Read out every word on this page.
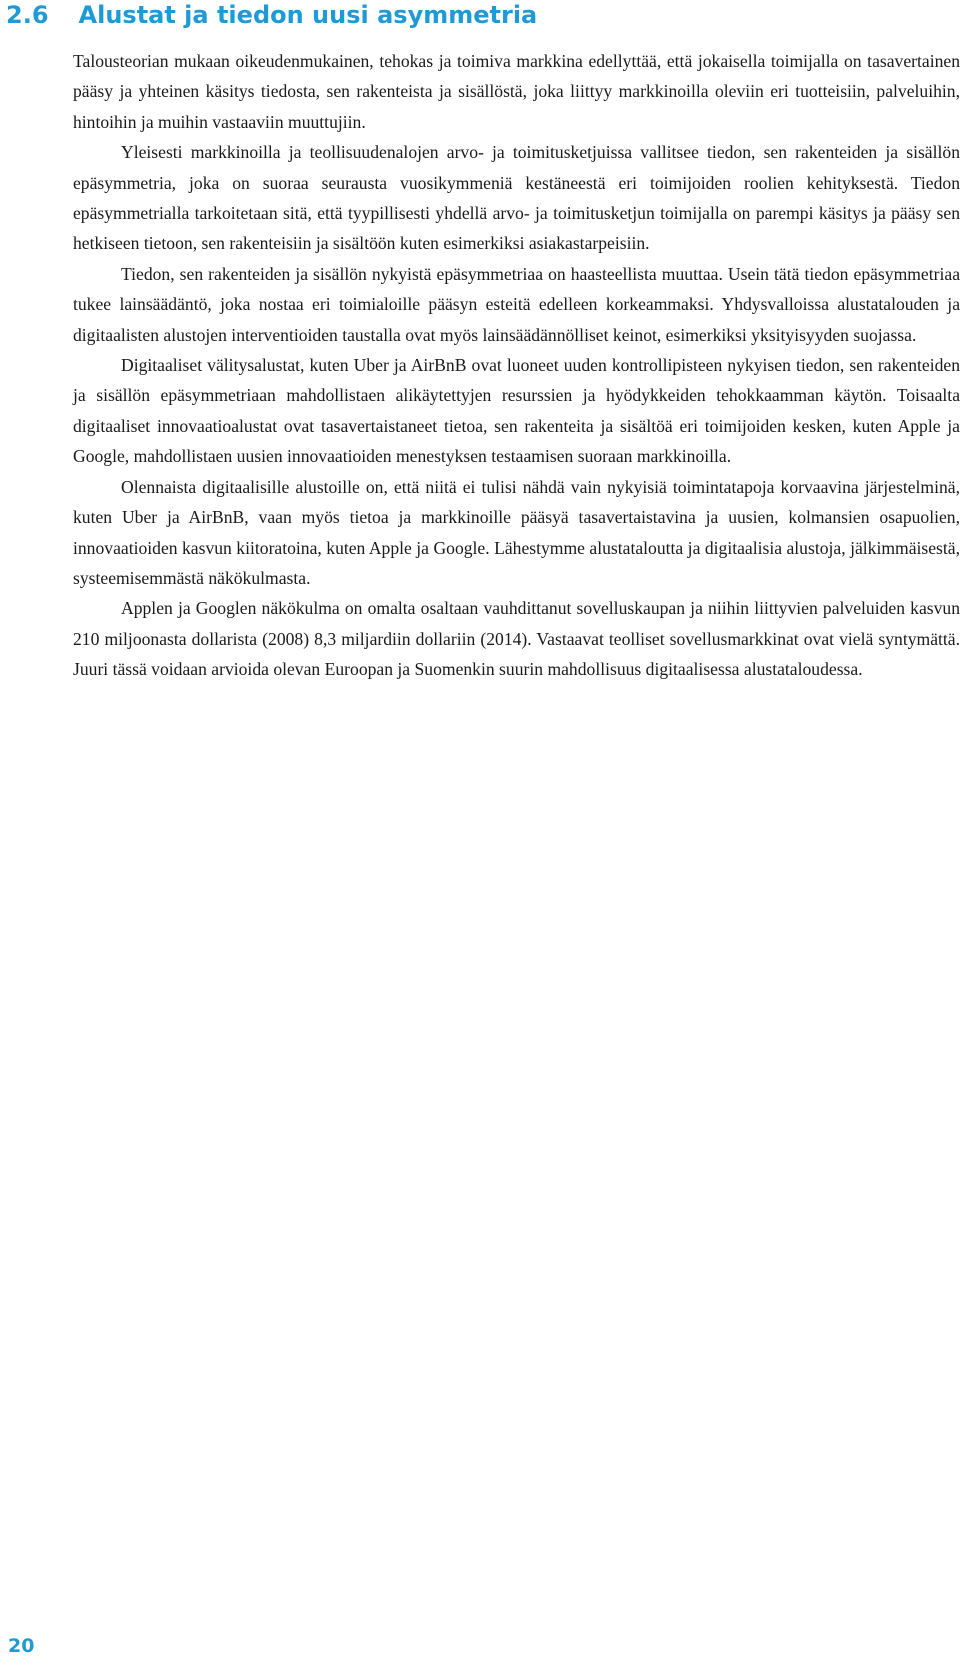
2.6 Alustat ja tiedon uusi asymmetria

Talousteorian mukaan oikeudenmukainen, tehokas ja toimiva markkina edellyttää, että jokaisella toimijalla on tasavertainen pääsy ja yhteinen käsitys tiedosta, sen rakenteista ja sisällöstä, joka liittyy markkinoilla oleviin eri tuotteisiin, palveluihin, hintoihin ja muihin vastaaviin muuttujiin.

Yleisesti markkinoilla ja teollisuudenalojen arvo- ja toimitusketjuissa vallitsee tiedon, sen rakenteiden ja sisällön epäsymmetria, joka on suoraa seurausta vuosikymmeniä kestäneestä eri toimijoiden roolien kehityksestä. Tiedon epäsymmetrialla tarkoitetaan sitä, että tyypillisesti yhdellä arvo- ja toimitusketjun toimijalla on parempi käsitys ja pääsy sen hetkiseen tietoon, sen rakenteisiin ja sisältöön kuten esimerkiksi asiakastarpeisiin.

Tiedon, sen rakenteiden ja sisällön nykyistä epäsymmetriaa on haasteellista muuttaa. Usein tätä tiedon epäsymmetriaa tukee lainsäädäntö, joka nostaa eri toimialoille pääsyn esteitä edelleen korkeammaksi. Yhdysvalloissa alustatalouden ja digitaalisten alustojen interventioiden taustalla ovat myös lainsäädännölliset keinot, esimerkiksi yksityisyyden suojassa.

Digitaaliset välitysalustat, kuten Uber ja AirBnB ovat luoneet uuden kontrollipisteen nykyisen tiedon, sen rakenteiden ja sisällön epäsymmetriaan mahdollistaen alikäytettyjen resurssien ja hyödykkeiden tehokkaamman käytön. Toisaalta digitaaliset innovaatioalustat ovat tasavertaistaneet tietoa, sen rakenteita ja sisältöä eri toimijoiden kesken, kuten Apple ja Google, mahdollistaen uusien innovaatioiden menestyksen testaamisen suoraan markkinoilla.

Olennaista digitaalisille alustoille on, että niitä ei tulisi nähdä vain nykyisiä toimintatapoja korvaavina järjestelminä, kuten Uber ja AirBnB, vaan myös tietoa ja markkinoille pääsyä tasavertaistavina ja uusien, kolmansien osapuolien, innovaatioiden kasvun kiitoratoina, kuten Apple ja Google. Lähestymme alustataloutta ja digitaalisia alustoja, jälkimmäisestä, systeemisemmästä näkökulmasta.

Applen ja Googlen näkökulma on omalta osaltaan vauhdittanut sovelluskaupan ja niihin liittyvien palveluiden kasvun 210 miljoonasta dollarista (2008) 8,3 miljardiin dollariin (2014). Vastaavat teolliset sovellusmarkkinat ovat vielä syntymättä. Juuri tässä voidaan arvioida olevan Euroopan ja Suomenkin suurin mahdollisuus digitaalisessa alustataloudessa.

20
